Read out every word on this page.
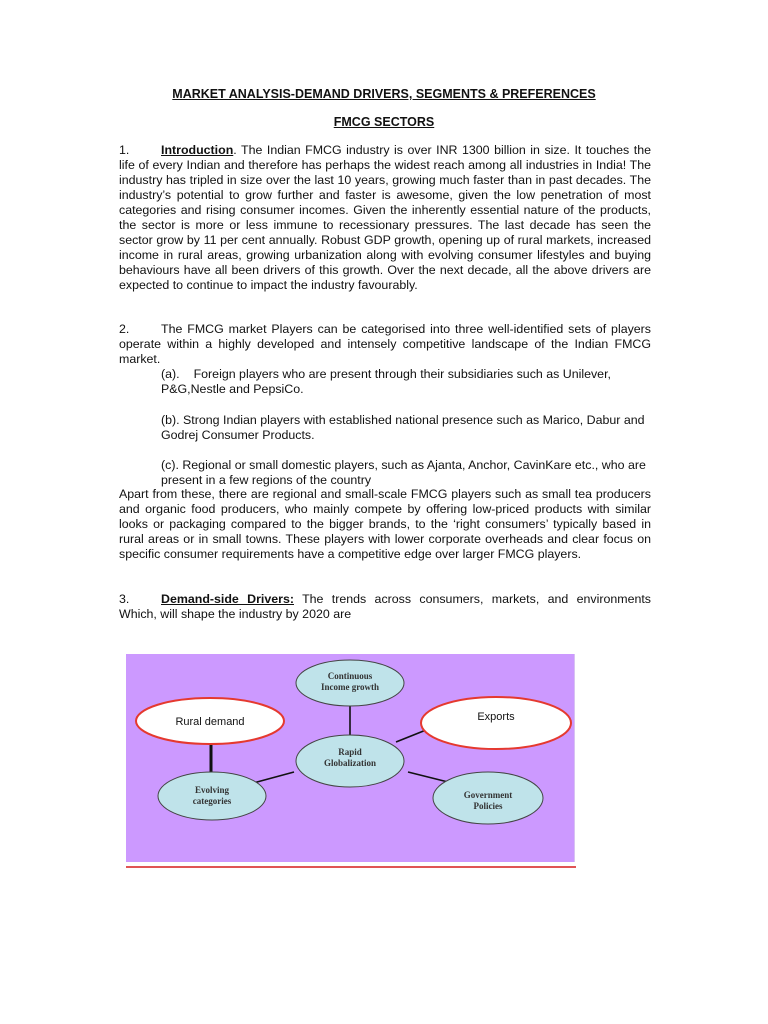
MARKET ANALYSIS-DEMAND DRIVERS, SEGMENTS & PREFERENCES
FMCG SECTORS
1.	Introduction. The Indian FMCG industry is over INR 1300 billion in size. It touches the life of every Indian and therefore has perhaps the widest reach among all industries in India! The industry has tripled in size over the last 10 years, growing much faster than in past decades. The industry’s potential to grow further and faster is awesome, given the low penetration of most categories and rising consumer incomes. Given the inherently essential nature of the products, the sector is more or less immune to recessionary pressures. The last decade has seen the sector grow by 11 per cent annually. Robust GDP growth, opening up of rural markets, increased income in rural areas, growing urbanization along with evolving consumer lifestyles and buying behaviours have all been drivers of this growth. Over the next decade, all the above drivers are expected to continue to impact the industry favourably.
2.	The FMCG market Players can be categorised into three well-identified sets of players operate within a highly developed and intensely competitive landscape of the Indian FMCG market.
(a). Foreign players who are present through their subsidiaries such as Unilever, P&G,Nestle and PepsiCo.
(b). Strong Indian players with established national presence such as Marico, Dabur and Godrej Consumer Products.
(c). Regional or small domestic players, such as Ajanta, Anchor, CavinKare etc., who are present in a few regions of the country
Apart from these, there are regional and small-scale FMCG players such as small tea producers and organic food producers, who mainly compete by offering low-priced products with similar looks or packaging compared to the bigger brands, to the ‘right consumers’ typically based in rural areas or in small towns. These players with lower corporate overheads and clear focus on specific consumer requirements have a competitive edge over larger FMCG players.
3.	Demand-side Drivers: The trends across consumers, markets, and environments Which, will shape the industry by 2020 are
Continuous
Income growth
Rapid
Globalization
Evolving
categories
Government
Policies
Rural demand	Exports
